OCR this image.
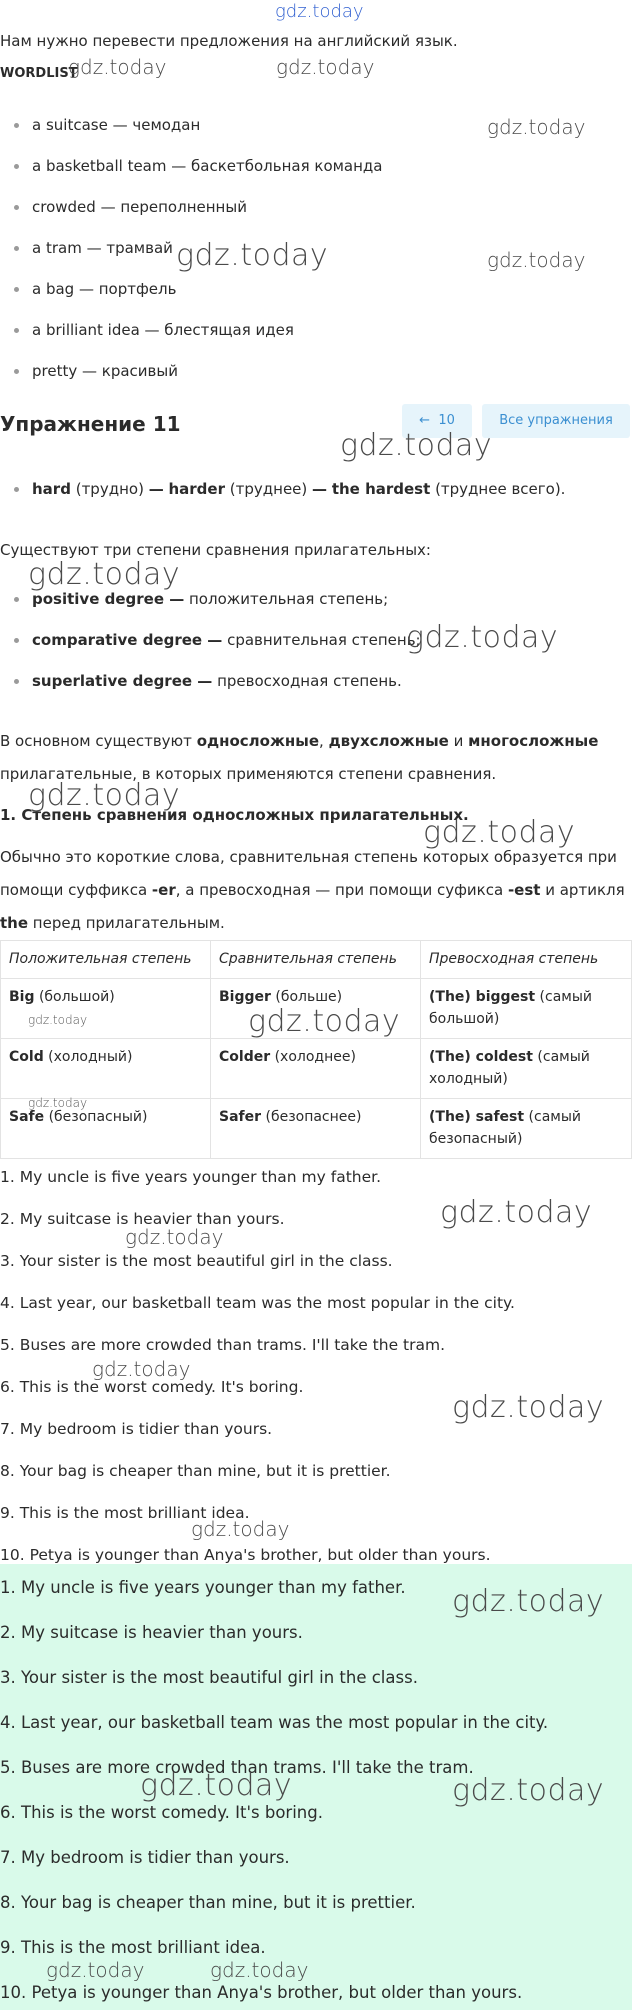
gdz.today
Нам нужно перевести предложения на английский язык.
WORDLIST
gdz.today	gdz.today
a suitcase — чемодан
a basketball team — баскетбольная команда
crowded — переполненный
a tram — трамвай
a bag — портфель
a brilliant idea — блестящая идея
pretty — красивый
gdz.today
gdz.today	gdz.today
Упражнение 11	← 10	Все упражнения
gdz.today
hard (трудно) — harder (труднее) — the hardest (труднее всего).
Существуют три степени сравнения прилагательных:
gdz.today
positive degree — положительная степень;
comparative degree — сравнительная степень;
superlative degree — превосходная степень.
gdz.today
В основном существуют односложные, двухсложные и многосложные
прилагательные, в которых применяются степени сравнения.
gdz.today
1. Степень сравнения односложных прилагательных.
gdz.today
Обычно это короткие слова, сравнительная степень которых образуется при
помощи суффикса -er, а превосходная — при помощи суфикса -est и артикля
the перед прилагательным.
Положительная степень	Сравнительная степень	Превосходная степень
Big (большой)	Bigger (больше)	(The) biggest (самый большой)
Cold (холодный)	Colder (холоднее)	(The) coldest (самый холодный)
Safe (безопасный)	Safer (безопаснее)	(The) safest (самый безопасный)
gdz.today	gdz.today
gdz.today
1. My uncle is five years younger than my father.
2. My suitcase is heavier than yours.
3. Your sister is the most beautiful girl in the class.
4. Last year, our basketball team was the most popular in the city.
5. Buses are more crowded than trams. I'll take the tram.
6. This is the worst comedy. It's boring.
7. My bedroom is tidier than yours.
8. Your bag is cheaper than mine, but it is prettier.
9. This is the most brilliant idea.
10. Petya is younger than Anya's brother, but older than yours.
gdz.today
gdz.today
gdz.today
gdz.today
gdz.today
1. My uncle is five years younger than my father.
2. My suitcase is heavier than yours.
3. Your sister is the most beautiful girl in the class.
4. Last year, our basketball team was the most popular in the city.
5. Buses are more crowded than trams. I'll take the tram.
6. This is the worst comedy. It's boring.
7. My bedroom is tidier than yours.
8. Your bag is cheaper than mine, but it is prettier.
9. This is the most brilliant idea.
10. Petya is younger than Anya's brother, but older than yours.
gdz.today
gdz.today	gdz.today
gdz.today	gdz.today
